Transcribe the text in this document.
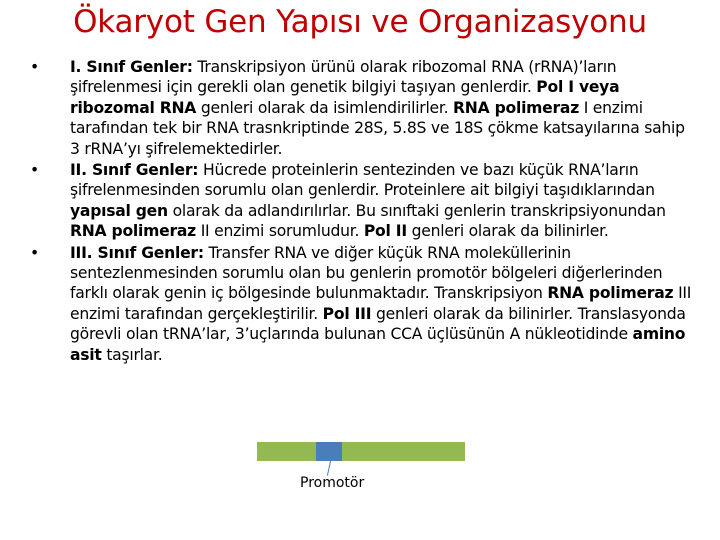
Ökaryot Gen Yapısı ve Organizasyonu
• I. Sınıf Genler: Transkripsiyon ürünü olarak ribozomal RNA (rRNA)’ların şifrelenmesi için gerekli olan genetik bilgiyi taşıyan genlerdir. Pol I veya ribozomal RNA genleri olarak da isimlendirilirler. RNA polimeraz I enzimi tarafından tek bir RNA trasnkriptinde 28S, 5.8S ve 18S çökme katsayılarına sahip 3 rRNA’yı şifrelemektedirler.
• II. Sınıf Genler: Hücrede proteinlerin sentezinden ve bazı küçük RNA’ların şifrelenmesinden sorumlu olan genlerdir. Proteinlere ait bilgiyi taşıdıklarından yapısal gen olarak da adlandırılırlar. Bu sınıftaki genlerin transkripsiyonundan RNA polimeraz II enzimi sorumludur. Pol II genleri olarak da bilinirler.
• III. Sınıf Genler: Transfer RNA ve diğer küçük RNA moleküllerinin sentezlenmesinden sorumlu olan bu genlerin promotör bölgeleri diğerlerinden farklı olarak genin iç bölgesinde bulunmaktadır. Transkripsiyon RNA polimeraz III enzimi tarafından gerçekleştirilir. Pol III genleri olarak da bilinirler. Translasyonda görevli olan tRNA’lar, 3’uçlarında bulunan CCA üçlüsünün A nükleotidinde amino asit taşırlar.
Promotör
